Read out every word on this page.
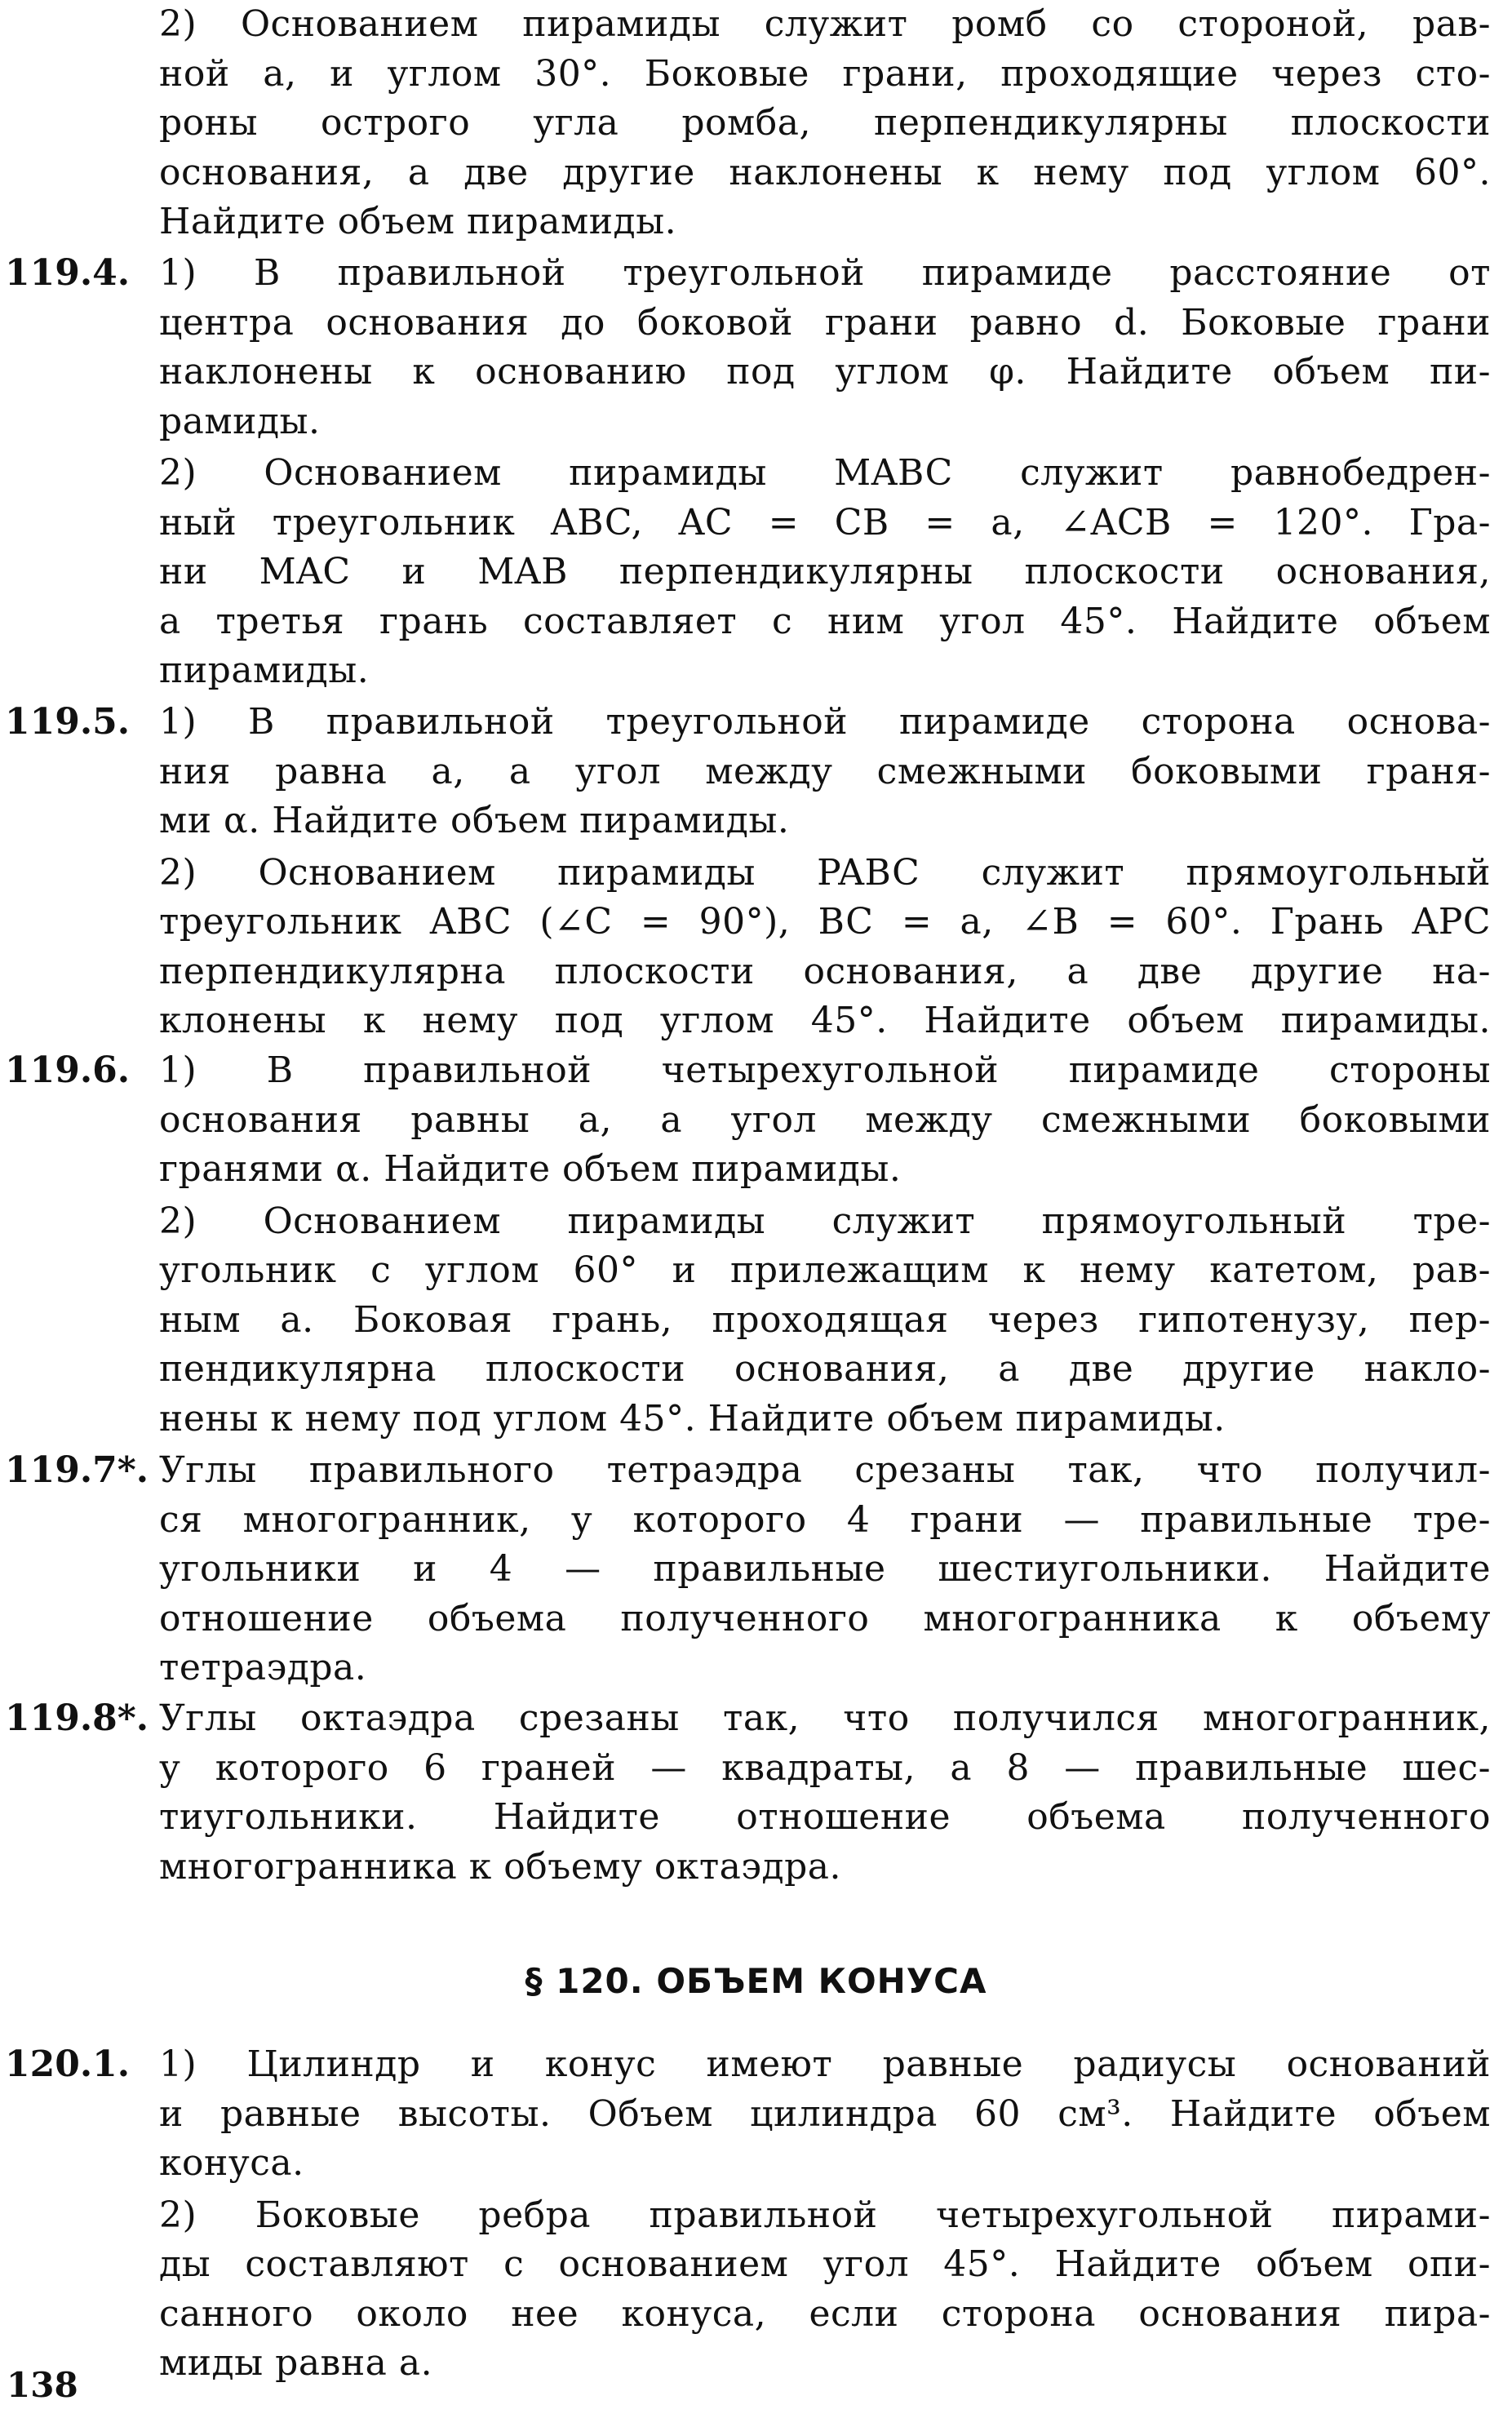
2) Основанием пирамиды служит ромб со стороной, рав-
ной a, и углом 30°. Боковые грани, проходящие через сто-
роны острого угла ромба, перпендикулярны плоскости
основания, а две другие наклонены к нему под углом 60°.
Найдите объем пирамиды.
119.4. 1) В правильной треугольной пирамиде расстояние от
центра основания до боковой грани равно d. Боковые грани
наклонены к основанию под углом φ. Найдите объем пи-
рамиды.
2) Основанием пирамиды MABC служит равнобедрен-
ный треугольник ABC, AC = CB = a, ∠ACB = 120°. Гра-
ни MAC и MAB перпендикулярны плоскости основания,
а третья грань составляет с ним угол 45°. Найдите объем
пирамиды.
119.5. 1) В правильной треугольной пирамиде сторона основа-
ния равна a, а угол между смежными боковыми граня-
ми α. Найдите объем пирамиды.
2) Основанием пирамиды PABC служит прямоугольный
треугольник ABC (∠C = 90°), BC = a, ∠B = 60°. Грань APC
перпендикулярна плоскости основания, а две другие на-
клонены к нему под углом 45°. Найдите объем пирамиды.
119.6. 1) В правильной четырехугольной пирамиде стороны
основания равны a, а угол между смежными боковыми
гранями α. Найдите объем пирамиды.
2) Основанием пирамиды служит прямоугольный тре-
угольник с углом 60° и прилежащим к нему катетом, рав-
ным a. Боковая грань, проходящая через гипотенузу, пер-
пендикулярна плоскости основания, а две другие накло-
нены к нему под углом 45°. Найдите объем пирамиды.
119.7*. Углы правильного тетраэдра срезаны так, что получил-
ся многогранник, у которого 4 грани — правильные тре-
угольники и 4 — правильные шестиугольники. Найдите
отношение объема полученного многогранника к объему
тетраэдра.
119.8*. Углы октаэдра срезаны так, что получился многогранник,
у которого 6 граней — квадраты, а 8 — правильные шес-
тиугольники. Найдите отношение объема полученного
многогранника к объему октаэдра.
120.1. 1) Цилиндр и конус имеют равные радиусы оснований
и равные высоты. Объем цилиндра 60 см³. Найдите объем
конуса.
2) Боковые ребра правильной четырехугольной пирами-
ды составляют с основанием угол 45°. Найдите объем опи-
санного около нее конуса, если сторона основания пира-
миды равна a.
§ 120. ОБЪЕМ КОНУСА
138
